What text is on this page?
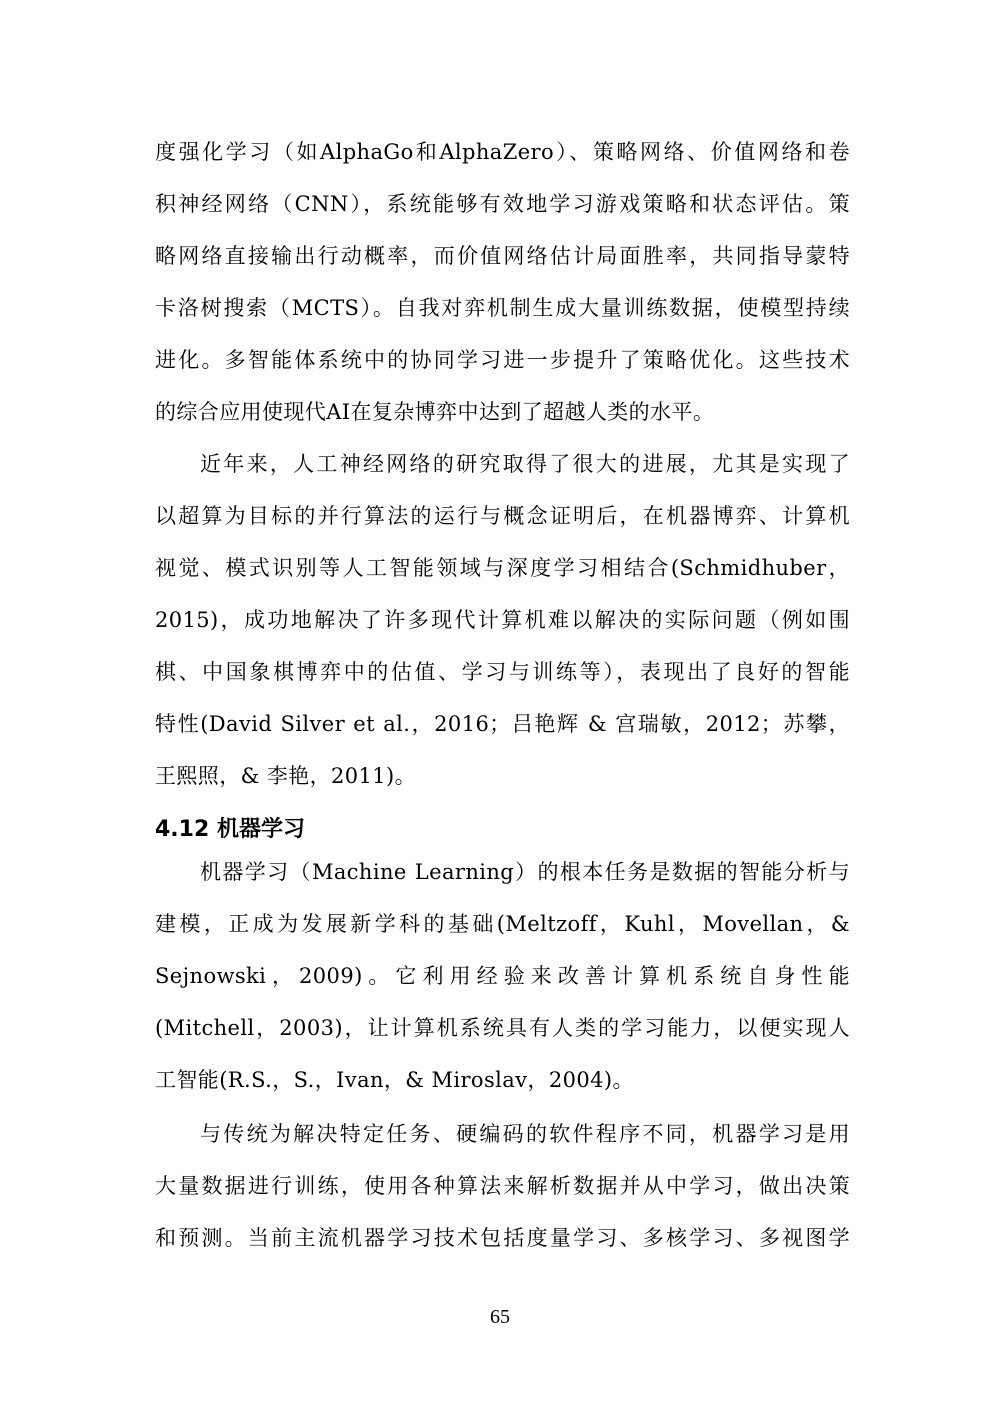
度强化学习（如AlphaGo和AlphaZero）、策略网络、价值网络和卷
积神经网络（CNN），系统能够有效地学习游戏策略和状态评估。策
略网络直接输出行动概率，而价值网络估计局面胜率，共同指导蒙特
卡洛树搜索（MCTS）。自我对弈机制生成大量训练数据，使模型持续
进化。多智能体系统中的协同学习进一步提升了策略优化。这些技术
的综合应用使现代AI在复杂博弈中达到了超越人类的水平。
近年来，人工神经网络的研究取得了很大的进展，尤其是实现了
以超算为目标的并行算法的运行与概念证明后，在机器博弈、计算机
视觉、模式识别等人工智能领域与深度学习相结合(Schmidhuber，
2015)，成功地解决了许多现代计算机难以解决的实际问题（例如围
棋、中国象棋博弈中的估值、学习与训练等），表现出了良好的智能
特性(David Silver et al.，2016；吕艳辉 & 宫瑞敏，2012；苏攀，
王熙照，& 李艳，2011)。
4.12 机器学习
机器学习（Machine Learning）的根本任务是数据的智能分析与
建模，正成为发展新学科的基础(Meltzoff，Kuhl，Movellan，&
Sejnowski，2009)。它利用经验来改善计算机系统自身性能
(Mitchell，2003)，让计算机系统具有人类的学习能力，以便实现人
工智能(R.S.，S.，Ivan，& Miroslav，2004)。
与传统为解决特定任务、硬编码的软件程序不同，机器学习是用
大量数据进行训练，使用各种算法来解析数据并从中学习，做出决策
和预测。当前主流机器学习技术包括度量学习、多核学习、多视图学
65
